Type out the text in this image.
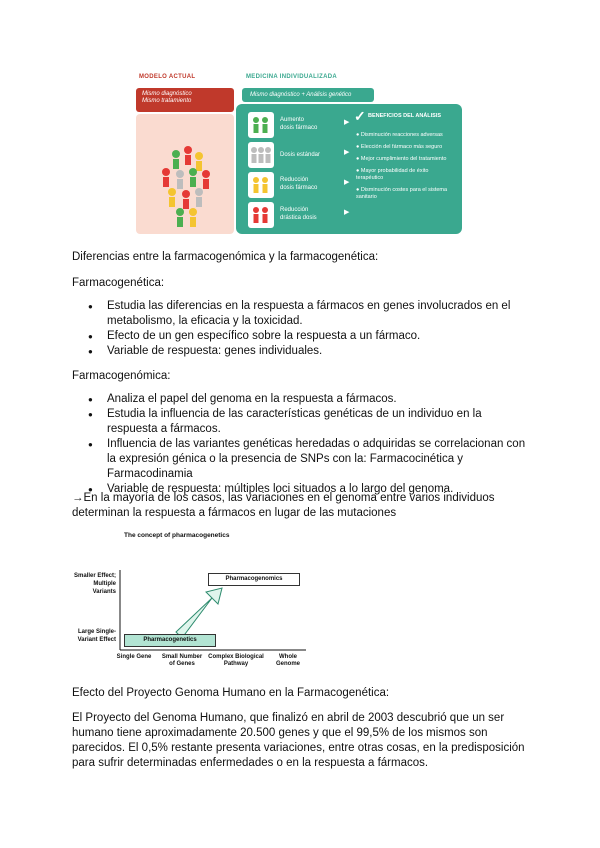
MODELO ACTUAL	MEDICINA INDIVIDUALIZADA
Mismo diagnóstico
Mismo tratamiento
Mismo diagnóstico + Análisis genético
Aumento
dosis fármaco
Dosis estándar
Reducción
dosis fármaco
Reducción
drástica dosis
▶
▶
▶
▶
✓ BENEFICIOS DEL ANÁLISIS
● Disminución reacciones adversas
● Elección del fármaco más seguro
● Mejor cumplimiento del tratamiento
● Mayor probabilidad de éxito terapéutico
● Disminución costes para el sistema sanitario
Diferencias entre la farmacogenómica y la farmacogenética:
Farmacogenética:
● Estudia las diferencias en la respuesta a fármacos en genes involucrados en el metabolismo, la eficacia y la toxicidad.
● Efecto de un gen específico sobre la respuesta a un fármaco.
● Variable de respuesta: genes individuales.
Farmacogenómica:
● Analiza el papel del genoma en la respuesta a fármacos.
● Estudia la influencia de las características genéticas de un individuo en la respuesta a fármacos.
● Influencia de las variantes genéticas heredadas o adquiridas se correlacionan con la expresión génica o la presencia de SNPs con la: Farmacocinética y Farmacodinamia
● Variable de respuesta: múltiples loci situados a lo largo del genoma.
→En la mayoría de los casos, las variaciones en el genoma entre varios individuos determinan la respuesta a fármacos en lugar de las mutaciones
The concept of pharmacogenetics
Smaller Effect;
Multiple
Variants
Large Single-
Variant Effect
Pharmacogenomics
Pharmacogenetics
Single Gene	Small Number
of Genes
Complex Biological
Pathway
Whole
Genome
Efecto del Proyecto Genoma Humano en la Farmacogenética:
El Proyecto del Genoma Humano, que finalizó en abril de 2003 descubrió que un ser humano tiene aproximadamente 20.500 genes y que el 99,5% de los mismos son parecidos. El 0,5% restante presenta variaciones, entre otras cosas, en la predisposición para sufrir determinadas enfermedades o en la respuesta a fármacos.
